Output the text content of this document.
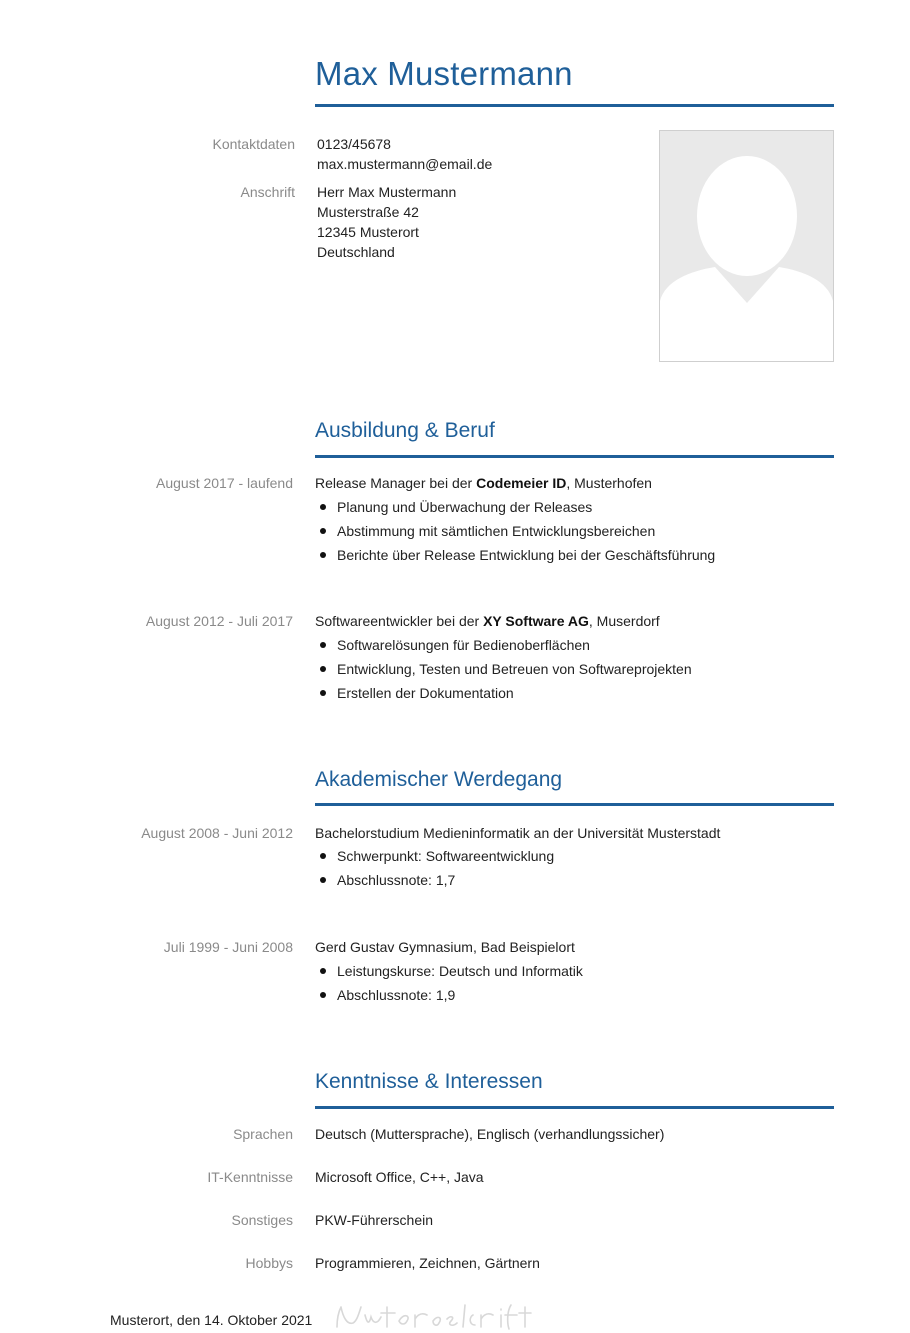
Max Mustermann
Kontaktdaten 0123/45678
max.mustermann@email.de
Anschrift Herr Max Mustermann
Musterstraße 42
12345 Musterort
Deutschland
Ausbildung & Beruf
August 2017 - laufend Release Manager bei der Codemeier ID, Musterhofen
Planung und Überwachung der Releases
Abstimmung mit sämtlichen Entwicklungsbereichen
Berichte über Release Entwicklung bei der Geschäftsführung
August 2012 - Juli 2017 Softwareentwickler bei der XY Software AG, Muserdorf
Softwarelösungen für Bedienoberflächen
Entwicklung, Testen und Betreuen von Softwareprojekten
Erstellen der Dokumentation
Akademischer Werdegang
August 2008 - Juni 2012 Bachelorstudium Medieninformatik an der Universität Musterstadt
Schwerpunkt: Softwareentwicklung
Abschlussnote: 1,7
Juli 1999 - Juni 2008 Gerd Gustav Gymnasium, Bad Beispielort
Leistungskurse: Deutsch und Informatik
Abschlussnote: 1,9
Kenntnisse & Interessen
Sprachen Deutsch (Muttersprache), Englisch (verhandlungssicher)
IT-Kenntnisse Microsoft Office, C++, Java
Sonstiges PKW-Führerschein
Hobbys Programmieren, Zeichnen, Gärtnern
Musterort, den 14. Oktober 2021
